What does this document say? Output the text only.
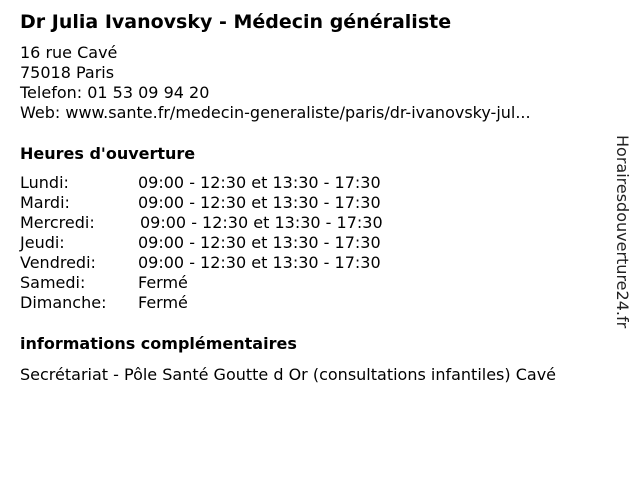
Dr Julia Ivanovsky - Médecin généraliste
16 rue Cavé
75018 Paris
Telefon: 01 53 09 94 20
Web: www.sante.fr/medecin-generaliste/paris/dr-ivanovsky-jul...
Heures d'ouverture
Lundi:	09:00 - 12:30 et 13:30 - 17:30
Mardi:	09:00 - 12:30 et 13:30 - 17:30
Mercredi:	09:00 - 12:30 et 13:30 - 17:30
Jeudi:	09:00 - 12:30 et 13:30 - 17:30
Vendredi:	09:00 - 12:30 et 13:30 - 17:30
Samedi:	Fermé
Dimanche: Fermé
informations complémentaires
Secrétariat - Pôle Santé Goutte d Or (consultations infantiles) Cavé
Horairesdouverture24.fr
